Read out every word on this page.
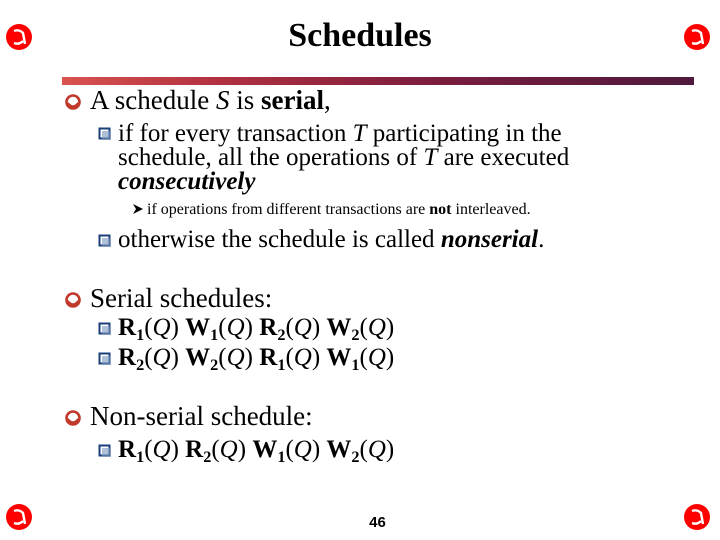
Schedules
A schedule S is serial,
if for every transaction T participating in the
schedule, all the operations of T are executed
consecutively
if operations from different transactions are not interleaved.
otherwise the schedule is called nonserial.
Serial schedules:
$R_1(Q)$ $W_1(Q)$ $R_2(Q)$ $W_2(Q)$
$R_2(Q)$ $W_2(Q)$ $R_1(Q)$ $W_1(Q)$
Non-serial schedule:
$R_1(Q)$ $R_2(Q)$ $W_1(Q)$ $W_2(Q)$
46
